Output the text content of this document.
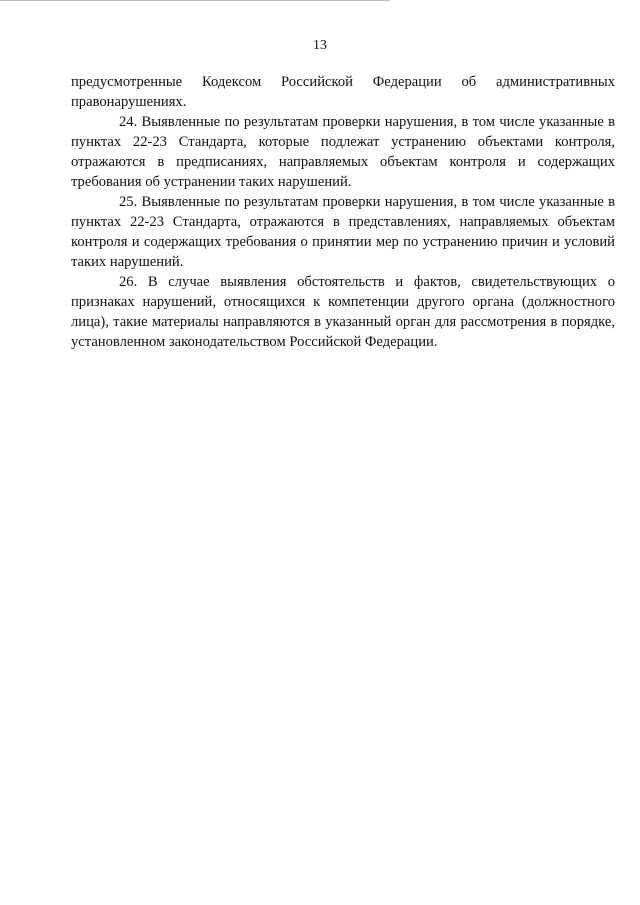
13

предусмотренные Кодексом Российской Федерации об административных правонарушениях.

24. Выявленные по результатам проверки нарушения, в том числе указанные в пунктах 22-23 Стандарта, которые подлежат устранению объектами контроля, отражаются в предписаниях, направляемых объектам контроля и содержащих требования об устранении таких нарушений.

25. Выявленные по результатам проверки нарушения, в том числе указанные в пунктах 22-23 Стандарта, отражаются в представлениях, направляемых объектам контроля и содержащих требования о принятии мер по устранению причин и условий таких нарушений.

26. В случае выявления обстоятельств и фактов, свидетельствующих о признаках нарушений, относящихся к компетенции другого органа (должностного лица), такие материалы направляются в указанный орган для рассмотрения в порядке, установленном законодательством Российской Федерации.
